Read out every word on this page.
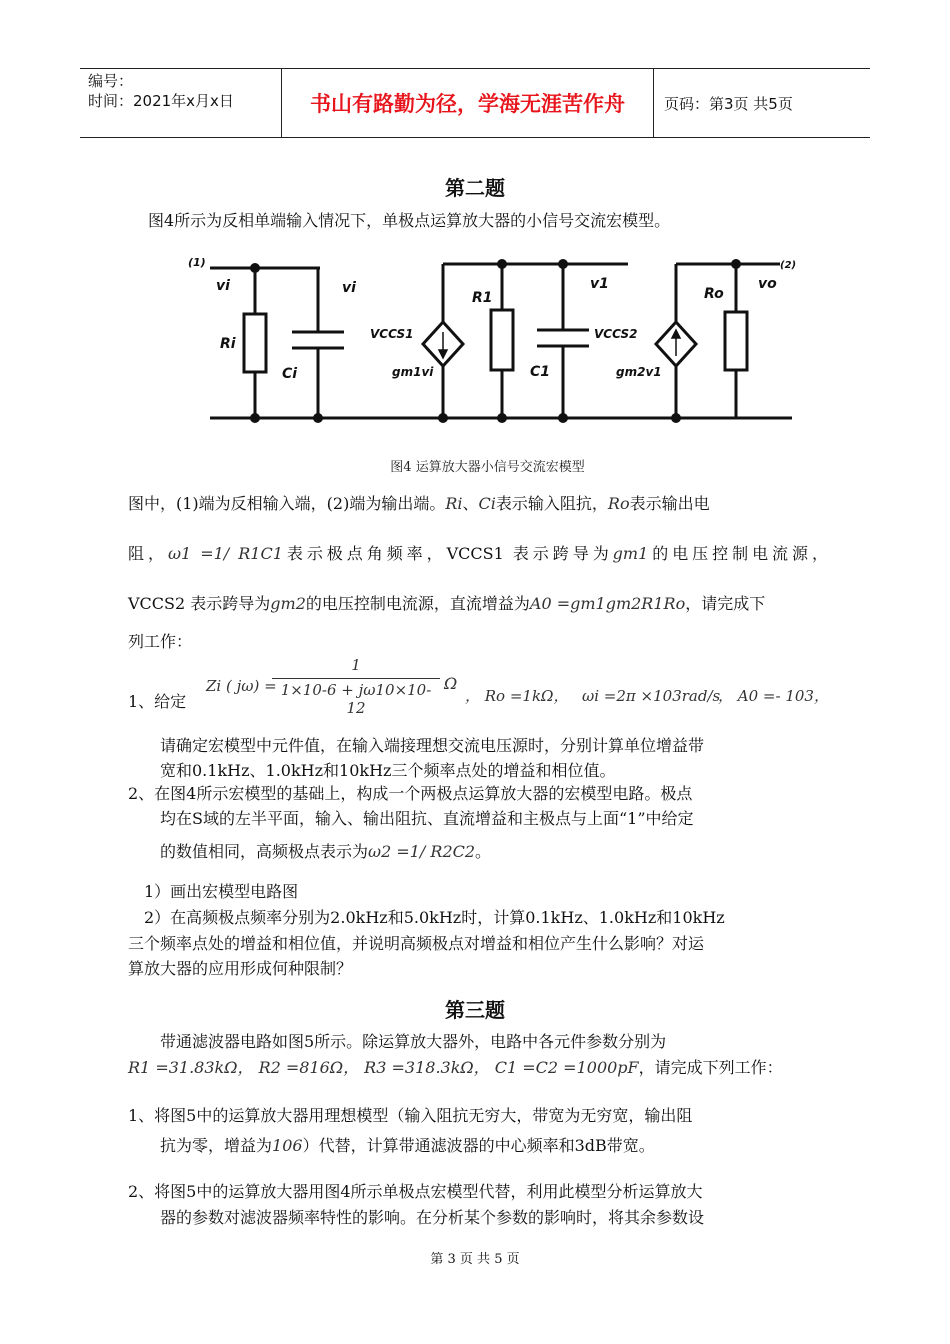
编号：
时间：2021年x月x日	书山有路勤为径，学海无涯苦作舟	页码：第3页 共5页
第二题
图4所示为反相单端输入情况下，单极点运算放大器的小信号交流宏模型。
(1)
vi	vi
Ri
Ci
VCCS1
gm1vi
R1
v1
C1
VCCS2
gm2v1
Ro
vo
(2)
图4 运算放大器小信号交流宏模型
图中，(1)端为反相输入端，(2)端为输出端。Ri、Ci表示输入阻抗，Ro表示输出电
阻，ω1 =1/ R1C1表示极点角频率，VCCS1 表示跨导为gm1的电压控制电流源，
VCCS2 表示跨导为gm2的电压控制电流源，直流增益为A0 =gm1gm2R1Ro，请完成下
列工作：
1、给定
Zi ( jω) =
$\frac{1}{1\times 10-6 + j\omega 10\times 10-12}$ Ω
， Ro =1kΩ， ωi =2π ×103rad/s
， A0 =- 103，
请确定宏模型中元件值，在输入端接理想交流电压源时，分别计算单位增益带
宽和0.1kHz、1.0kHz和10kHz三个频率点处的增益和相位值。
2、在图4所示宏模型的基础上，构成一个两极点运算放大器的宏模型电路。极点
均在S域的左半平面，输入、输出阻抗、直流增益和主极点与上面“1”中给定
的数值相同，高频极点表示为ω2 =1/ R2C2。
1）画出宏模型电路图
2）在高频极点频率分别为2.0kHz和5.0kHz时，计算0.1kHz、1.0kHz和10kHz
三个频率点处的增益和相位值，并说明高频极点对增益和相位产生什么影响？对运
算放大器的应用形成何种限制？
第三题
带通滤波器电路如图5所示。除运算放大器外，电路中各元件参数分别为
R1 =31.83kΩ， R2 =816Ω， R3 =318.3kΩ， C1 =C2 =1000pF，请完成下列工作：
1、将图5中的运算放大器用理想模型（输入阻抗无穷大，带宽为无穷宽，输出阻
抗为零，增益为106）代替，计算带通滤波器的中心频率和3dB带宽。
2、将图5中的运算放大器用图4所示单极点宏模型代替，利用此模型分析运算放大
器的参数对滤波器频率特性的影响。在分析某个参数的影响时，将其余参数设
第 3 页 共 5 页
